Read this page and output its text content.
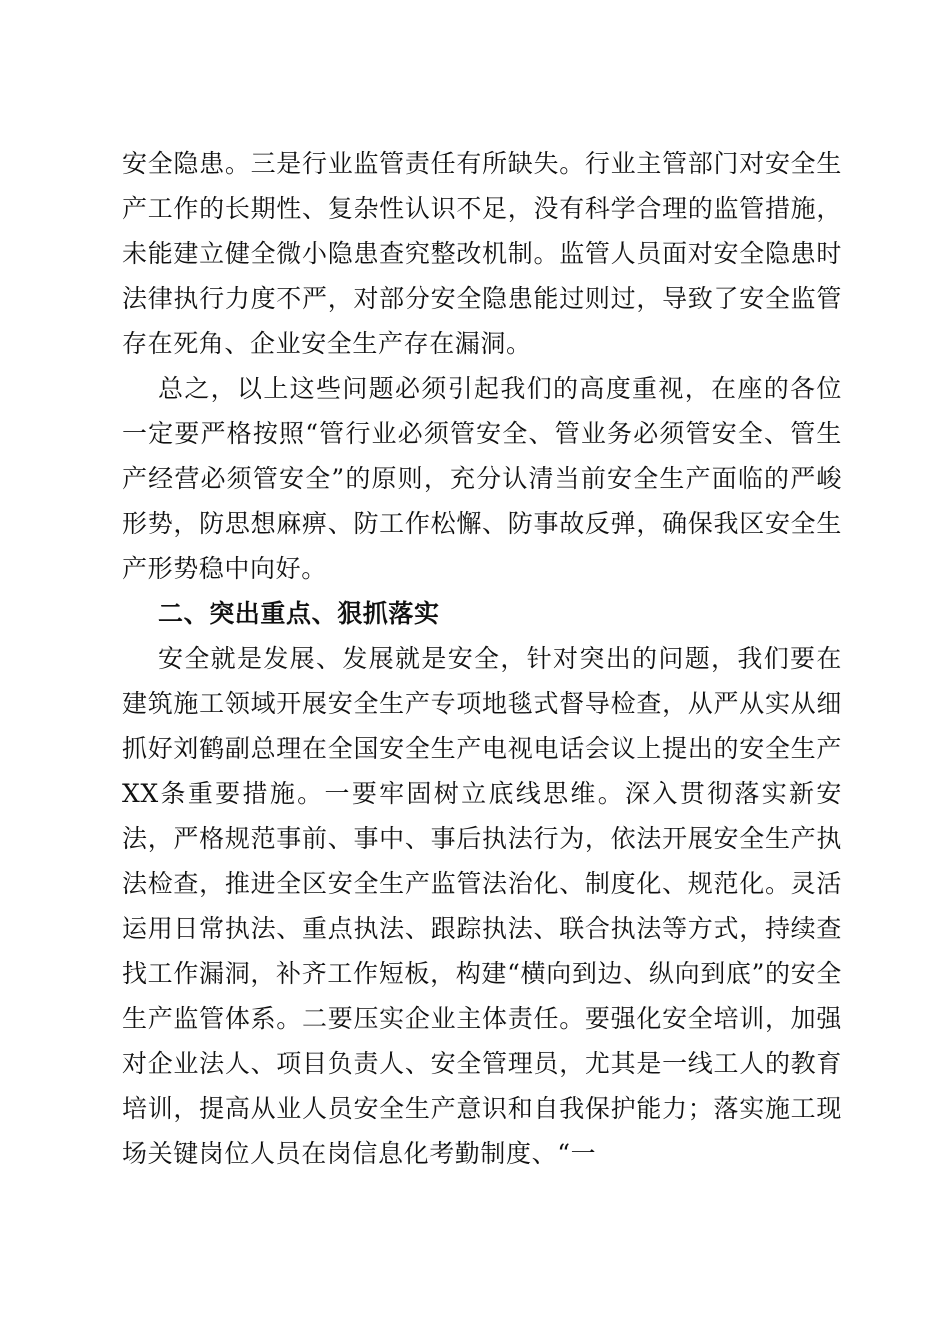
安全隐患。三是行业监管责任有所缺失。行业主管部门对安全生产工作的长期性、复杂性认识不足，没有科学合理的监管措施，未能建立健全微小隐患查究整改机制。监管人员面对安全隐患时法律执行力度不严，对部分安全隐患能过则过，导致了安全监管存在死角、企业安全生产存在漏洞。

总之，以上这些问题必须引起我们的高度重视，在座的各位一定要严格按照“管行业必须管安全、管业务必须管安全、管生产经营必须管安全”的原则，充分认清当前安全生产面临的严峻形势，防思想麻痹、防工作松懈、防事故反弹，确保我区安全生产形势稳中向好。

二、突出重点、狠抓落实

安全就是发展、发展就是安全，针对突出的问题，我们要在建筑施工领域开展安全生产专项地毯式督导检查，从严从实从细抓好刘鹤副总理在全国安全生产电视电话会议上提出的安全生产XX条重要措施。一要牢固树立底线思维。深入贯彻落实新安法，严格规范事前、事中、事后执法行为，依法开展安全生产执法检查，推进全区安全生产监管法治化、制度化、规范化。灵活运用日常执法、重点执法、跟踪执法、联合执法等方式，持续查找工作漏洞，补齐工作短板，构建“横向到边、纵向到底”的安全生产监管体系。二要压实企业主体责任。要强化安全培训，加强对企业法人、项目负责人、安全管理员，尤其是一线工人的教育培训，提高从业人员安全生产意识和自我保护能力；落实施工现场关键岗位人员在岗信息化考勤制度、“一
